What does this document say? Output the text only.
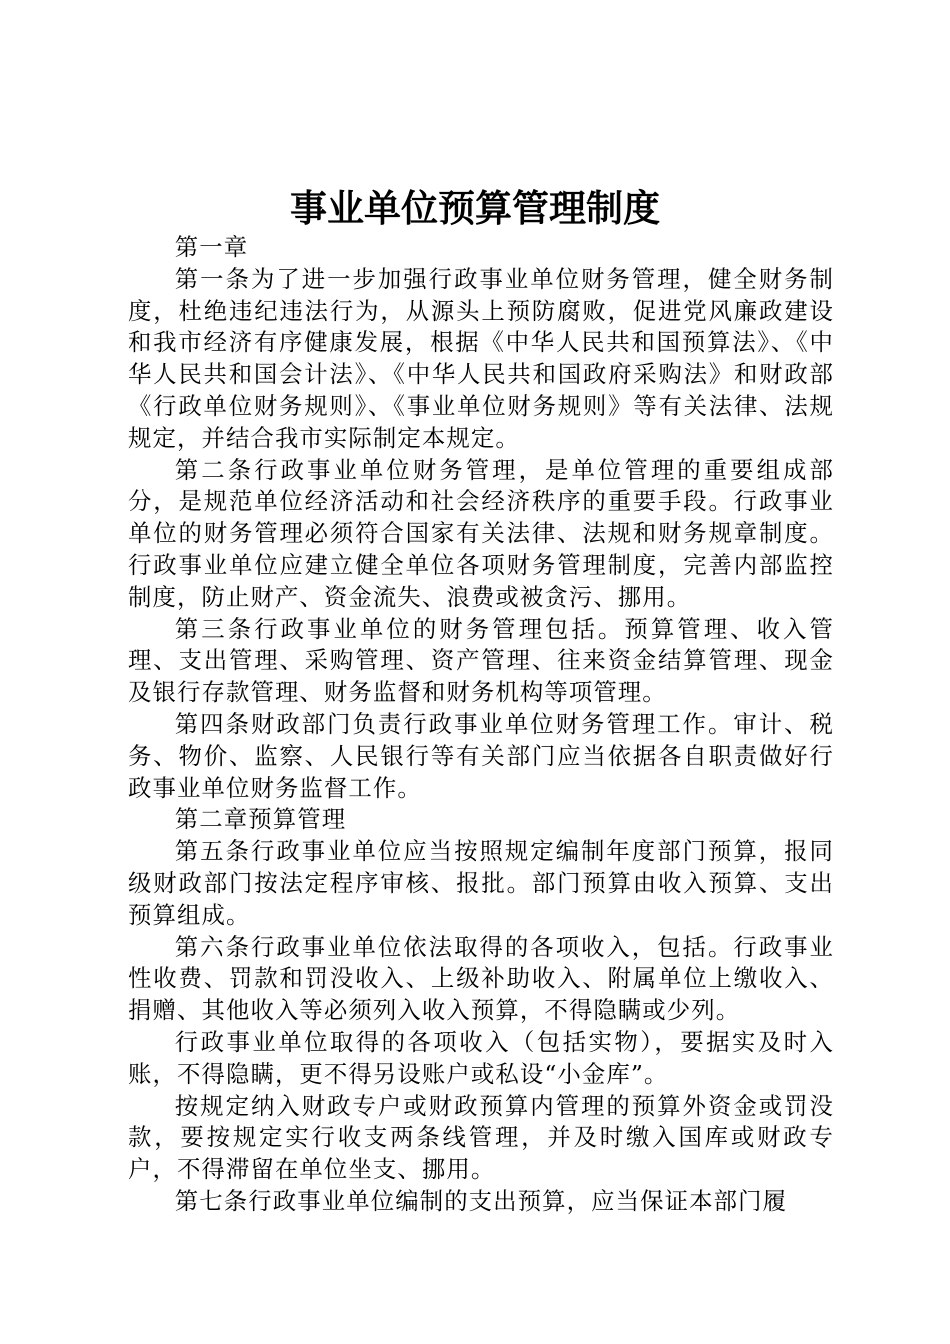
事业单位预算管理制度

第一章

第一条为了进一步加强行政事业单位财务管理，健全财务制度，杜绝违纪违法行为，从源头上预防腐败，促进党风廉政建设和我市经济有序健康发展，根据《中华人民共和国预算法》、《中华人民共和国会计法》、《中华人民共和国政府采购法》和财政部《行政单位财务规则》、《事业单位财务规则》等有关法律、法规规定，并结合我市实际制定本规定。

第二条行政事业单位财务管理，是单位管理的重要组成部分，是规范单位经济活动和社会经济秩序的重要手段。行政事业单位的财务管理必须符合国家有关法律、法规和财务规章制度。行政事业单位应建立健全单位各项财务管理制度，完善内部监控制度，防止财产、资金流失、浪费或被贪污、挪用。

第三条行政事业单位的财务管理包括。预算管理、收入管理、支出管理、采购管理、资产管理、往来资金结算管理、现金及银行存款管理、财务监督和财务机构等项管理。

第四条财政部门负责行政事业单位财务管理工作。审计、税务、物价、监察、人民银行等有关部门应当依据各自职责做好行政事业单位财务监督工作。

第二章预算管理

第五条行政事业单位应当按照规定编制年度部门预算，报同级财政部门按法定程序审核、报批。部门预算由收入预算、支出预算组成。

第六条行政事业单位依法取得的各项收入，包括。行政事业性收费、罚款和罚没收入、上级补助收入、附属单位上缴收入、捐赠、其他收入等必须列入收入预算，不得隐瞒或少列。

行政事业单位取得的各项收入（包括实物），要据实及时入账，不得隐瞒，更不得另设账户或私设“小金库”。

按规定纳入财政专户或财政预算内管理的预算外资金或罚没款，要按规定实行收支两条线管理，并及时缴入国库或财政专户，不得滞留在单位坐支、挪用。

第七条行政事业单位编制的支出预算，应当保证本部门履
